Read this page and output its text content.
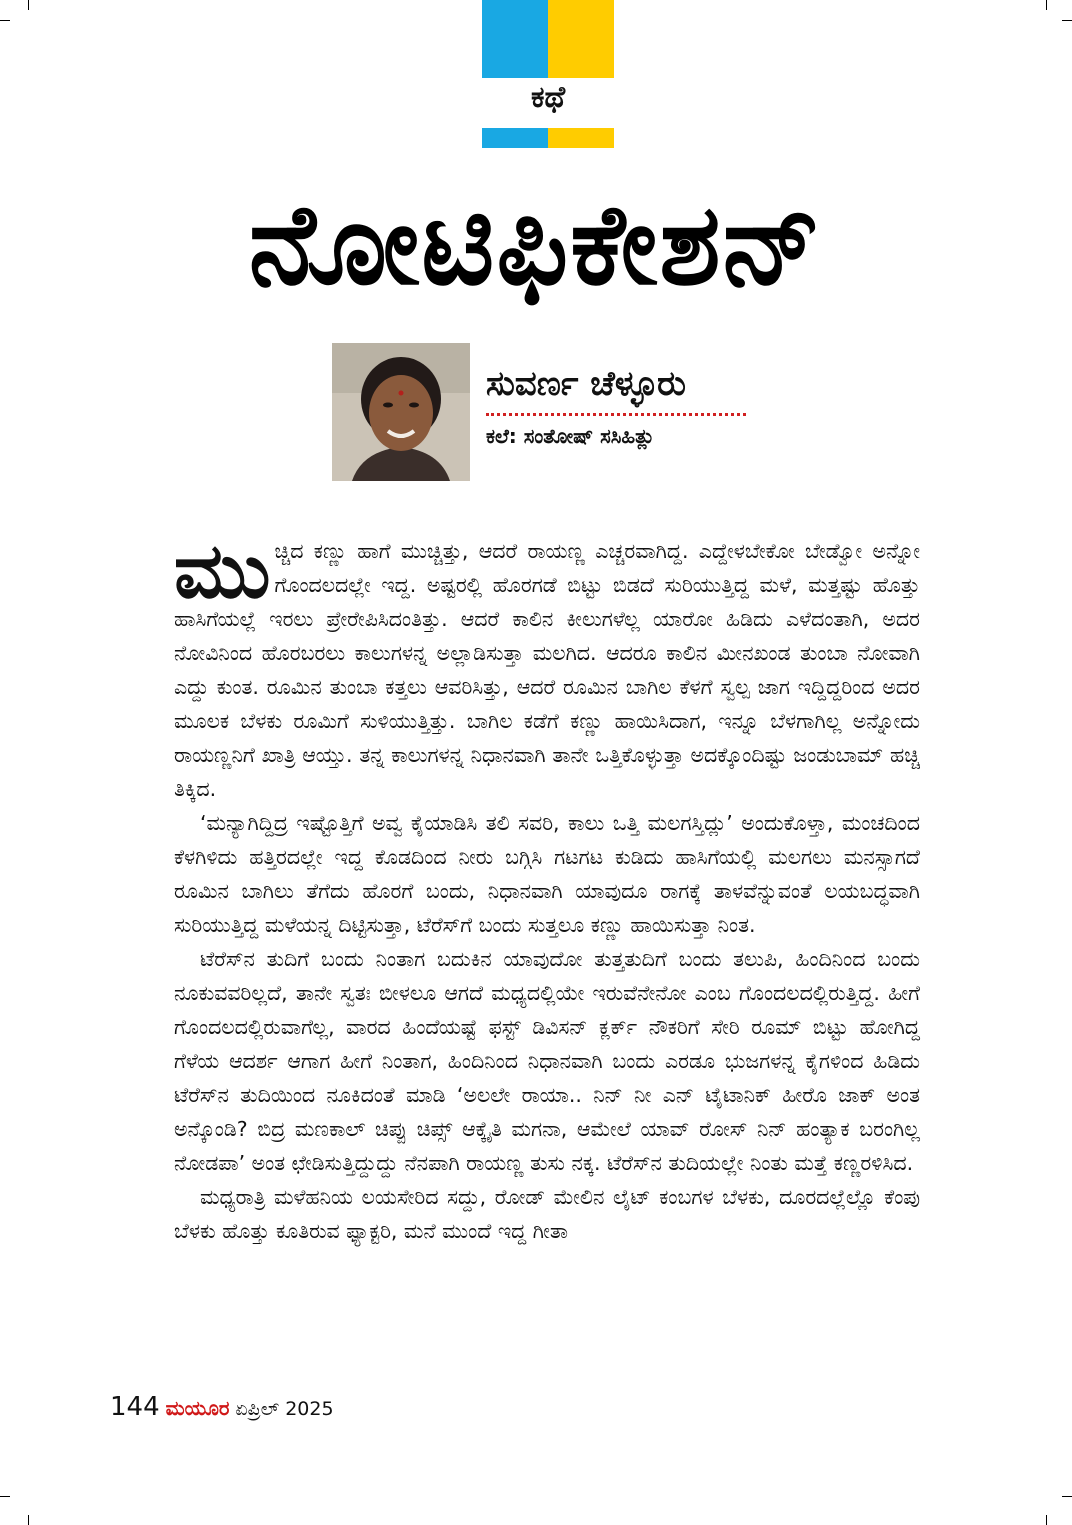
ಕಥೆ
ನೋಟಿಫಿಕೇಶನ್
ಸುವರ್ಣ ಚೆಳ್ಳೂರು
ಕಲೆ: ಸಂತೋಷ್ ಸಸಿಹಿತ್ಲು

ಮುಚ್ಚಿದ ಕಣ್ಣು ಹಾಗೆ ಮುಚ್ಚಿತ್ತು, ಆದರೆ ರಾಯಣ್ಣ ಎಚ್ಚರವಾಗಿದ್ದ. ಎದ್ದೇಳಬೇಕೋ ಬೇಡ್ವೋ ಅನ್ನೋ ಗೊಂದಲದಲ್ಲೇ ಇದ್ದ. ಅಷ್ಟರಲ್ಲಿ ಹೊರಗಡೆ ಬಿಟ್ಟು ಬಿಡದೆ ಸುರಿಯುತ್ತಿದ್ದ ಮಳೆ, ಮತ್ತಷ್ಟು ಹೊತ್ತು ಹಾಸಿಗೆಯಲ್ಲೆ ಇರಲು ಪ್ರೇರೇಪಿಸಿದಂತಿತ್ತು. ಆದರೆ ಕಾಲಿನ ಕೀಲುಗಳೆಲ್ಲ ಯಾರೋ ಹಿಡಿದು ಎಳೆದಂತಾಗಿ, ಅದರ ನೋವಿನಿಂದ ಹೊರಬರಲು ಕಾಲುಗಳನ್ನ ಅಲ್ಲಾಡಿಸುತ್ತಾ ಮಲಗಿದ. ಆದರೂ ಕಾಲಿನ ಮೀನಖಂಡ ತುಂಬಾ ನೋವಾಗಿ ಎದ್ದು ಕುಂತ. ರೂಮಿನ ತುಂಬಾ ಕತ್ತಲು ಆವರಿಸಿತ್ತು, ಆದರೆ ರೂಮಿನ ಬಾಗಿಲ ಕೆಳಗೆ ಸ್ವಲ್ಪ ಜಾಗ ಇದ್ದಿದ್ದರಿಂದ ಅದರ ಮೂಲಕ ಬೆಳಕು ರೂಮಿಗೆ ಸುಳಿಯುತ್ತಿತ್ತು. ಬಾಗಿಲ ಕಡೆಗೆ ಕಣ್ಣು ಹಾಯಿಸಿದಾಗ, ಇನ್ನೂ ಬೆಳಗಾಗಿಲ್ಲ ಅನ್ನೋದು ರಾಯಣ್ಣನಿಗೆ ಖಾತ್ರಿ ಆಯ್ತು. ತನ್ನ ಕಾಲುಗಳನ್ನ ನಿಧಾನವಾಗಿ ತಾನೇ ಒತ್ತಿಕೊಳ್ಳುತ್ತಾ ಅದಕ್ಕೊಂದಿಷ್ಟು ಜಂಡುಬಾಮ್ ಹಚ್ಚಿ ತಿಕ್ಕಿದ.

‘ಮನ್ಯಾಗಿದ್ದಿದ್ರ ಇಷ್ಟೊತ್ತಿಗೆ ಅವ್ವ ಕೈಯಾಡಿಸಿ ತಲಿ ಸವರಿ, ಕಾಲು ಒತ್ತಿ ಮಲಗಸ್ತಿದ್ಲು’ ಅಂದುಕೊಳ್ತಾ, ಮಂಚದಿಂದ ಕೆಳಗಿಳಿದು ಹತ್ತಿರದಲ್ಲೇ ಇದ್ದ ಕೊಡದಿಂದ ನೀರು ಬಗ್ಗಿಸಿ ಗಟಗಟ ಕುಡಿದು ಹಾಸಿಗೆಯಲ್ಲಿ ಮಲಗಲು ಮನಸ್ಸಾಗದೆ ರೂಮಿನ ಬಾಗಿಲು ತೆಗೆದು ಹೊರಗೆ ಬಂದು, ನಿಧಾನವಾಗಿ ಯಾವುದೂ ರಾಗಕ್ಕೆ ತಾಳವೆನ್ನುವಂತೆ ಲಯಬದ್ಧವಾಗಿ ಸುರಿಯುತ್ತಿದ್ದ ಮಳೆಯನ್ನ ದಿಟ್ಟಿಸುತ್ತಾ, ಟೆರೆಸ್‌ಗೆ ಬಂದು ಸುತ್ತಲೂ ಕಣ್ಣು ಹಾಯಿಸುತ್ತಾ ನಿಂತ.

ಟೆರೆಸ್‌ನ ತುದಿಗೆ ಬಂದು ನಿಂತಾಗ ಬದುಕಿನ ಯಾವುದೋ ತುತ್ತತುದಿಗೆ ಬಂದು ತಲುಪಿ, ಹಿಂದಿನಿಂದ ಬಂದು ನೂಕುವವರಿಲ್ಲದೆ, ತಾನೇ ಸ್ವತಃ ಬೀಳಲೂ ಆಗದೆ ಮಧ್ಯದಲ್ಲಿಯೇ ಇರುವೆನೇನೋ ಎಂಬ ಗೊಂದಲದಲ್ಲಿರುತ್ತಿದ್ದ. ಹೀಗೆ ಗೊಂದಲದಲ್ಲಿರುವಾಗೆಲ್ಲ, ವಾರದ ಹಿಂದೆಯಷ್ಟೆ ಫಸ್ಟ್ ಡಿವಿಸನ್ ಕ್ಲರ್ಕ್ ನೌಕರಿಗೆ ಸೇರಿ ರೂಮ್ ಬಿಟ್ಟು ಹೋಗಿದ್ದ ಗೆಳೆಯ ಆದರ್ಶ ಆಗಾಗ ಹೀಗೆ ನಿಂತಾಗ, ಹಿಂದಿನಿಂದ ನಿಧಾನವಾಗಿ ಬಂದು ಎರಡೂ ಭುಜಗಳನ್ನ ಕೈಗಳಿಂದ ಹಿಡಿದು ಟೆರೆಸ್‌ನ ತುದಿಯಿಂದ ನೂಕಿದಂತೆ ಮಾಡಿ ‘ಅಲಲೇ ರಾಯಾ.. ನಿನ್ ನೀ ಎನ್ ಟೈಟಾನಿಕ್ ಹೀರೊ ಜಾಕ್ ಅಂತ ಅನ್ಕೊಂಡಿ? ಬಿದ್ರ ಮಣಕಾಲ್ ಚಿಪ್ಪು ಚಿಪ್ಸ್ ಆಕ್ಕೈತಿ ಮಗನಾ, ಆಮೇಲೆ ಯಾವ್ ರೋಸ್ ನಿನ್ ಹಂತ್ಯಾಕ ಬರಂಗಿಲ್ಲ ನೋಡಪಾ’ ಅಂತ ಛೇಡಿಸುತ್ತಿದ್ದುದ್ದು ನೆನಪಾಗಿ ರಾಯಣ್ಣ ತುಸು ನಕ್ಕ. ಟೆರೆಸ್‌ನ ತುದಿಯಲ್ಲೇ ನಿಂತು ಮತ್ತೆ ಕಣ್ಣರಳಿಸಿದ.

ಮಧ್ಯರಾತ್ರಿ ಮಳೆಹನಿಯ ಲಯಸೇರಿದ ಸದ್ದು, ರೋಡ್ ಮೇಲಿನ ಲೈಟ್ ಕಂಬಗಳ ಬೆಳಕು, ದೂರದಲ್ಲೆಲ್ಲೊ ಕೆಂಪು ಬೆಳಕು ಹೊತ್ತು ಕೂತಿರುವ ಫ್ಯಾಕ್ಟರಿ, ಮನೆ ಮುಂದೆ ಇದ್ದ ಗೀತಾ

144 ಮಯೂರ ಏಪ್ರಿಲ್ 2025
